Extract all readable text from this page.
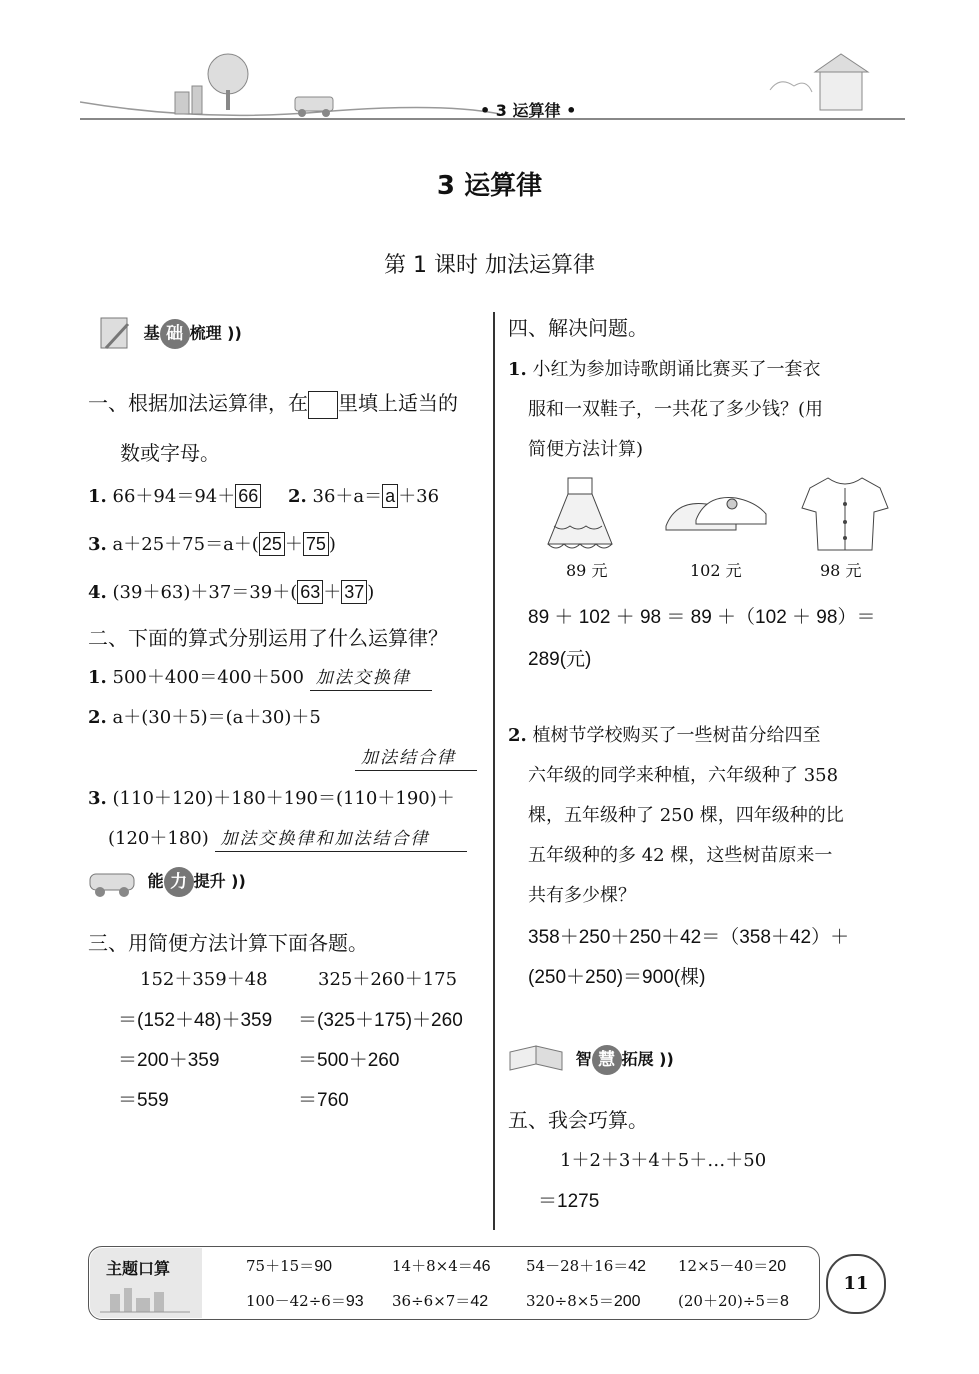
• 3 运算律 •
3 运算律
第 1 课时 加法运算律
基 础 梳理 ))
一、根据加法运算律，在 里填上适当的
数或字母。
1. 66＋94＝94＋ 66 2. 36＋a＝ a ＋36
3. a＋25＋75＝a＋( 25 ＋ 75 )
4. (39＋63)＋37＝39＋( 63 ＋ 37 )
二、下面的算式分别运用了什么运算律？
1. 500＋400＝400＋500 加法交换律
2. a＋(30＋5)＝(a＋30)＋5
加法结合律
3. (110＋120)＋180＋190＝(110＋190)＋
(120＋180) 加法交换律和加法结合律
能 力 提升 ))
三、用简便方法计算下面各题。
152＋359＋48
＝(152＋48)＋359
＝200＋359
＝559
325＋260＋175
＝(325＋175)＋260
＝500＋260
＝760
四、解决问题。
1. 小红为参加诗歌朗诵比赛买了一套衣
服和一双鞋子，一共花了多少钱？(用
简便方法计算)
89 元	102 元	98 元
89 ＋ 102 ＋ 98 ＝ 89 ＋（102 ＋ 98）＝
289(元)
2. 植树节学校购买了一些树苗分给四至
六年级的同学来种植，六年级种了 358
棵，五年级种了 250 棵，四年级种的比
五年级种的多 42 棵，这些树苗原来一
共有多少棵？
358＋250＋250＋42＝（358＋42）＋
(250＋250)＝900(棵)
智 慧 拓展 ))
五、我会巧算。
1＋2＋3＋4＋5＋…＋50
＝1275
主题口算	75＋15＝90	14＋8×4＝46 54－28＋16＝42 12×5－40＝20
100－42÷6＝93 36÷6×7＝42	320÷8×5＝200 (20＋20)÷5＝8
11
